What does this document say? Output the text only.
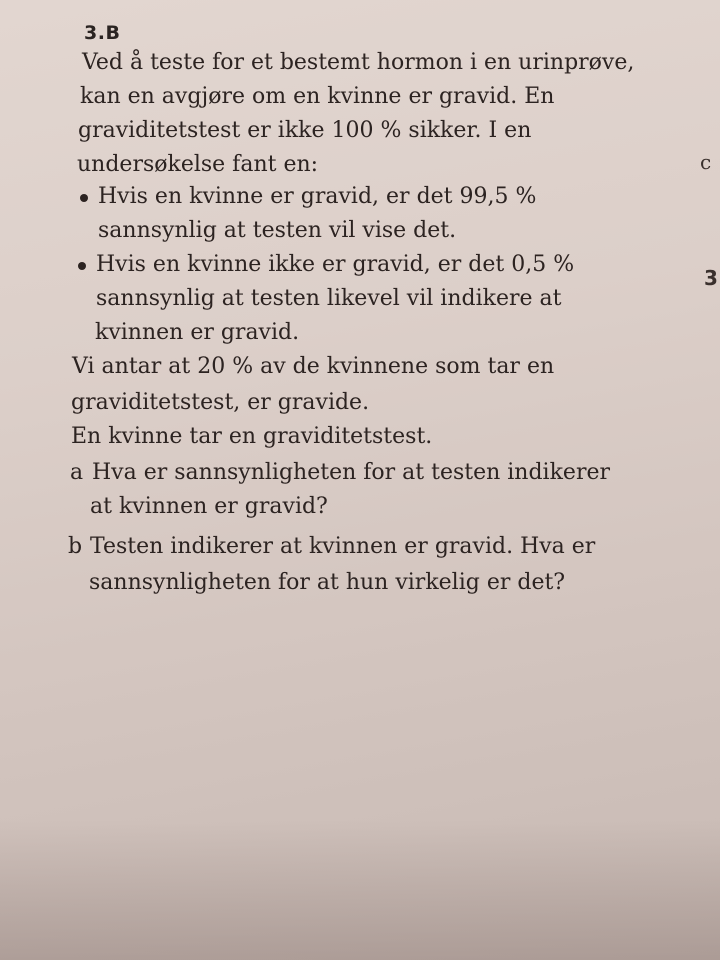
3.B
Ved å teste for et bestemt hormon i en urinprøve,
kan en avgjøre om en kvinne er gravid. En
graviditetstest er ikke 100 % sikker. I en
undersøkelse fant en:
Hvis en kvinne er gravid, er det 99,5 %
sannsynlig at testen vil vise det.
Hvis en kvinne ikke er gravid, er det 0,5 %
sannsynlig at testen likevel vil indikere at
kvinnen er gravid.
Vi antar at 20 % av de kvinnene som tar en
graviditetstest, er gravide.
En kvinne tar en graviditetstest.
a Hva er sannsynligheten for at testen indikerer
at kvinnen er gravid?
b Testen indikerer at kvinnen er gravid. Hva er
sannsynligheten for at hun virkelig er det?
c
3
